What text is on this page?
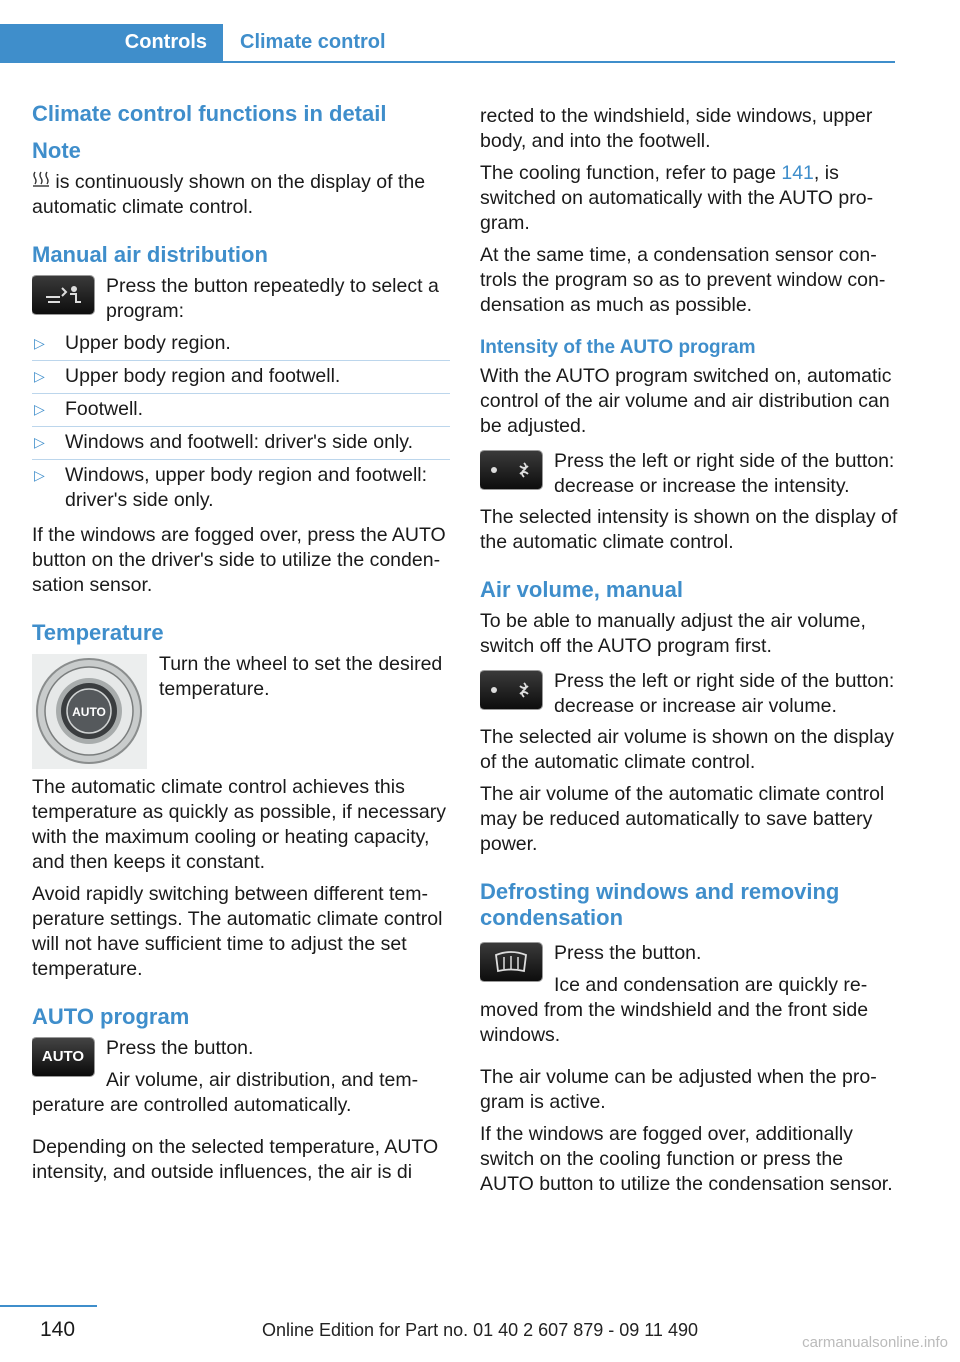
Controls	Climate control
Climate control functions in detail
Note
is continuously shown on the display of the automatic climate control.
Manual air distribution
Press the button repeatedly to select a program:
▷ Upper body region.
▷ Upper body region and footwell.
▷ Footwell.
▷ Windows and footwell: driver's side only.
▷ Windows, upper body region and footwell: driver's side only.
If the windows are fogged over, press the AUTO button on the driver's side to utilize the condensation sensor.
Temperature
AUTO
Turn the wheel to set the desired temperature.
The automatic climate control achieves this temperature as quickly as possible, if necessary with the maximum cooling or heating capacity, and then keeps it constant.
Avoid rapidly switching between different temperature settings. The automatic climate control will not have sufficient time to adjust the set temperature.
AUTO program
AUTO	Press the button.
Air volume, air distribution, and temperature are controlled automatically.
Depending on the selected temperature, AUTO intensity, and outside influences, the air is di
rected to the windshield, side windows, upper body, and into the footwell.
The cooling function, refer to page 141, is switched on automatically with the AUTO program.
At the same time, a condensation sensor controls the program so as to prevent window condensation as much as possible.
Intensity of the AUTO program
With the AUTO program switched on, automatic control of the air volume and air distribution can be adjusted.
Press the left or right side of the button: decrease or increase the intensity.
The selected intensity is shown on the display of the automatic climate control.
Air volume, manual
To be able to manually adjust the air volume, switch off the AUTO program first.
Press the left or right side of the button: decrease or increase air volume.
The selected air volume is shown on the display of the automatic climate control.
The air volume of the automatic climate control may be reduced automatically to save battery power.
Defrosting windows and removing condensation
Press the button.
Ice and condensation are quickly removed from the windshield and the front side windows.
The air volume can be adjusted when the program is active.
If the windows are fogged over, additionally switch on the cooling function or press the AUTO button to utilize the condensation sensor.
140	Online Edition for Part no. 01 40 2 607 879 - 09 11 490
carmanualsonline.info
